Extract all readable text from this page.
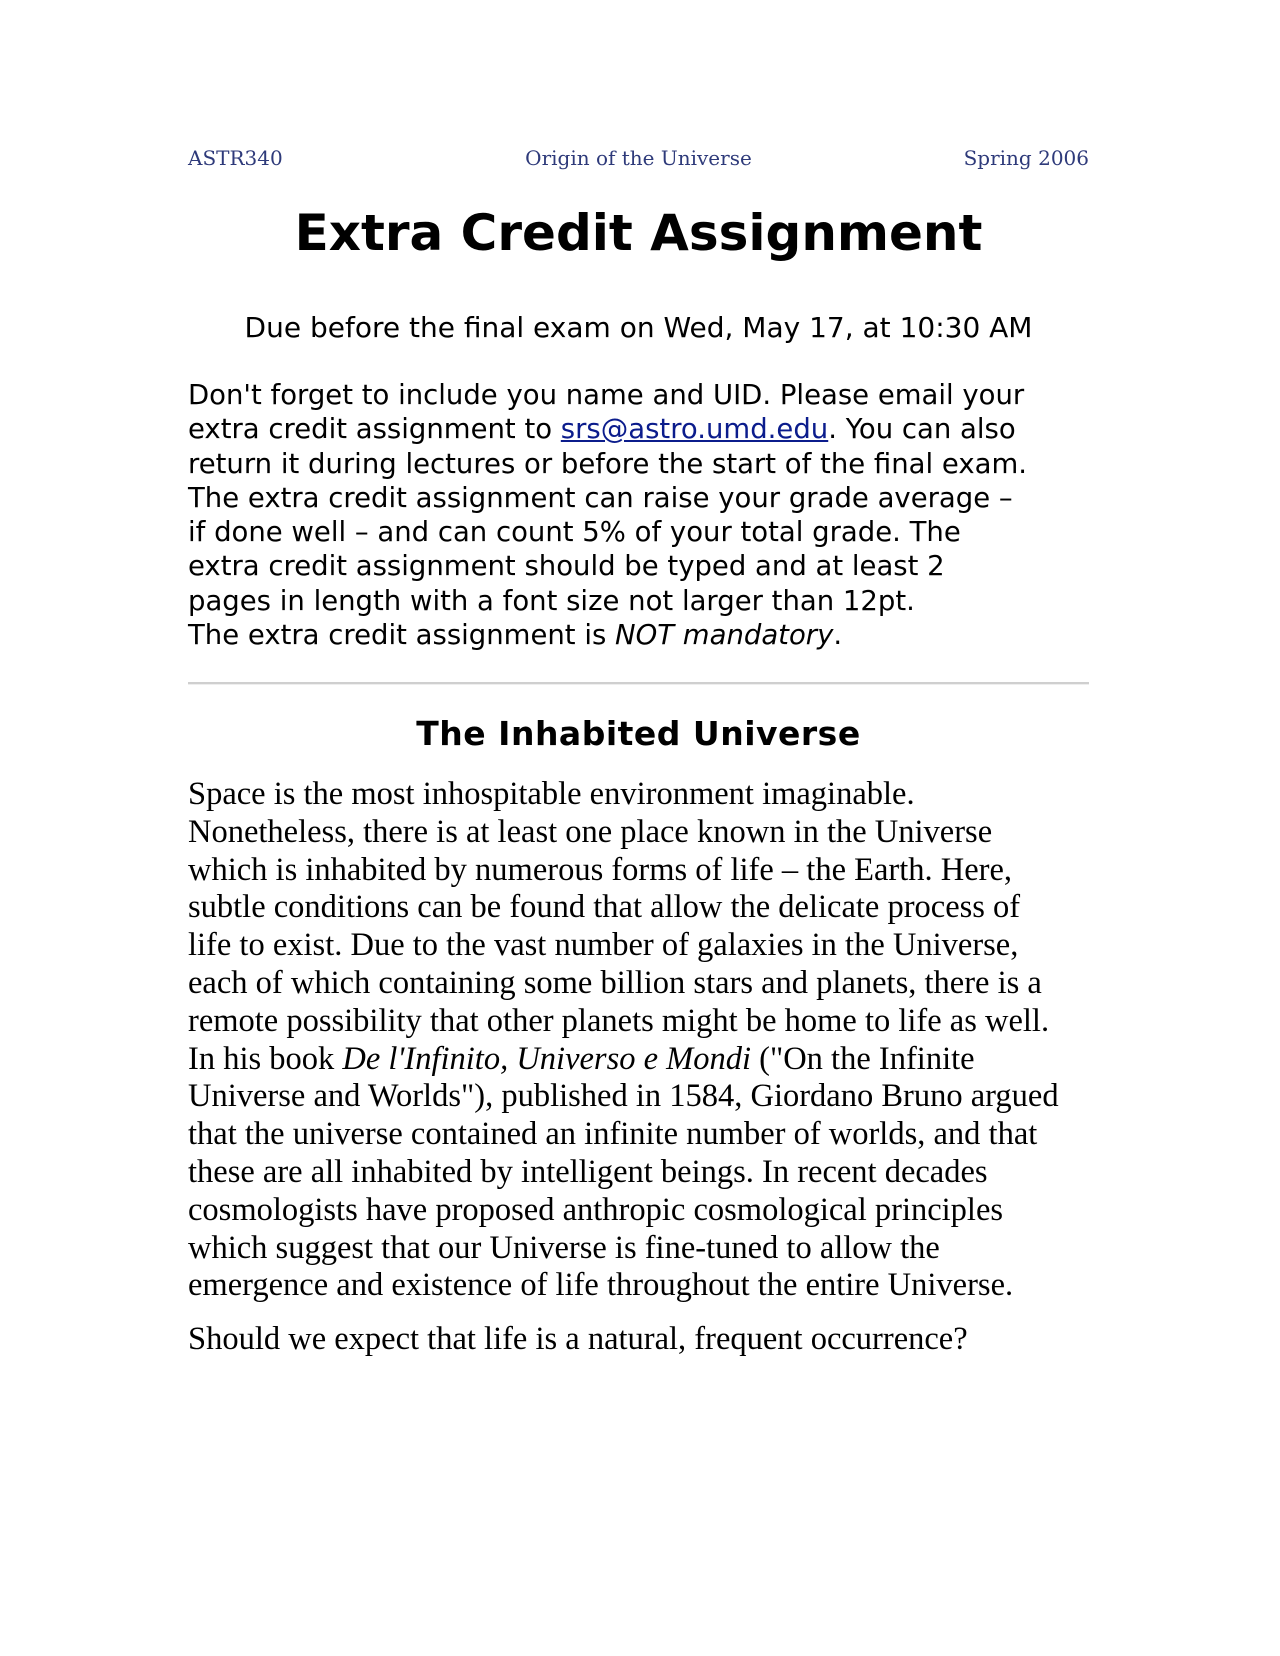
ASTR340	Origin of the Universe	Spring 2006
Extra Credit Assignment
Due before the final exam on Wed, May 17, at 10:30 AM
Don't forget to include you name and UID. Please email your
extra credit assignment to srs@astro.umd.edu. You can also
return it during lectures or before the start of the final exam.
The extra credit assignment can raise your grade average –
if done well – and can count 5% of your total grade. The
extra credit assignment should be typed and at least 2
pages in length with a font size not larger than 12pt.
The extra credit assignment is NOT mandatory.
The Inhabited Universe
Space is the most inhospitable environment imaginable.
Nonetheless, there is at least one place known in the Universe
which is inhabited by numerous forms of life – the Earth. Here,
subtle conditions can be found that allow the delicate process of
life to exist. Due to the vast number of galaxies in the Universe,
each of which containing some billion stars and planets, there is a
remote possibility that other planets might be home to life as well.
In his book De l'Infinito, Universo e Mondi ("On the Infinite
Universe and Worlds"), published in 1584, Giordano Bruno argued
that the universe contained an infinite number of worlds, and that
these are all inhabited by intelligent beings. In recent decades
cosmologists have proposed anthropic cosmological principles
which suggest that our Universe is fine-tuned to allow the
emergence and existence of life throughout the entire Universe.
Should we expect that life is a natural, frequent occurrence?
